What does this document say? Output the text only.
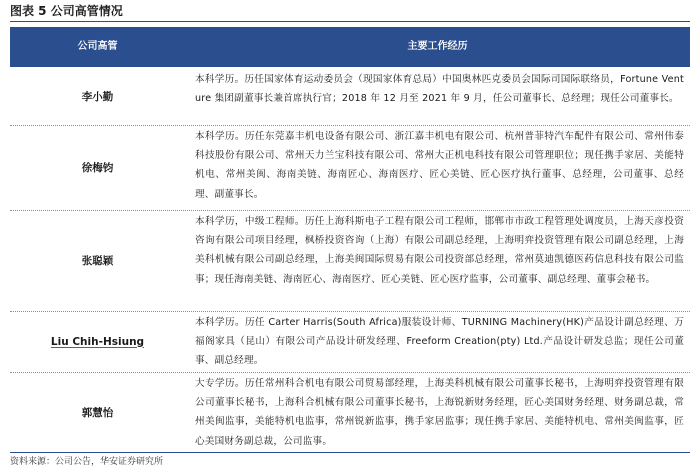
图表 5 公司高管情况
公司高管	主要工作经历
李小勤
本科学历。历任国家体育运动委员会（现国家体育总局）中国奥林匹克委员会国际司国际联络员，Fortune Venture 集团副董事长兼首席执行官；2018 年 12 月至 2021 年 9 月，任公司董事长、总经理；现任公司董事长。
徐梅钧
本科学历。历任东莞嘉丰机电设备有限公司、浙江嘉丰机电有限公司、杭州普菲特汽车配件有限公司、常州伟泰科技股份有限公司、常州天力兰宝科技有限公司、常州大正机电科技有限公司管理职位；现任携手家居、美能特机电、常州美闽、海南美链、海南匠心、海南医疗、匠心美链、匠心医疗执行董事、总经理，公司董事、总经理、副董事长。
张聪颖
本科学历，中级工程师。历任上海科斯电子工程有限公司工程师，邯郸市市政工程管理处调度员，上海天彦投资咨询有限公司项目经理，枫桥投资咨询（上海）有限公司副总经理，上海明弈投资管理有限公司副总经理，上海美科机械有限公司副总经理，上海美闽国际贸易有限公司投资部总经理，常州莫迪凯德医药信息科技有限公司监事；现任海南美链、海南匠心、海南医疗、匠心美链、匠心医疗监事，公司董事、副总经理、董事会秘书。
Liu Chih-Hsiung
本科学历。历任 Carter Harris(South Africa)服装设计师、TURNING Machinery(HK)产品设计副总经理、万福阁家具（昆山）有限公司产品设计研发经理、Freeform Creation(pty) Ltd.产品设计研发总监；现任公司董事、副总经理。
郭慧怡
大专学历。历任常州科合机电有限公司贸易部经理，上海美科机械有限公司董事长秘书，上海明弈投资管理有限公司董事长秘书，上海科合机械有限公司董事长秘书，上海锐新财务经理，匠心美国财务经理、财务副总裁，常州美闽监事，美能特机电监事，常州锐新监事，携手家居监事；现任携手家居、美能特机电、常州美闽监事，匠心美国财务副总裁，公司监事。
资料来源：公司公告，华安证券研究所
